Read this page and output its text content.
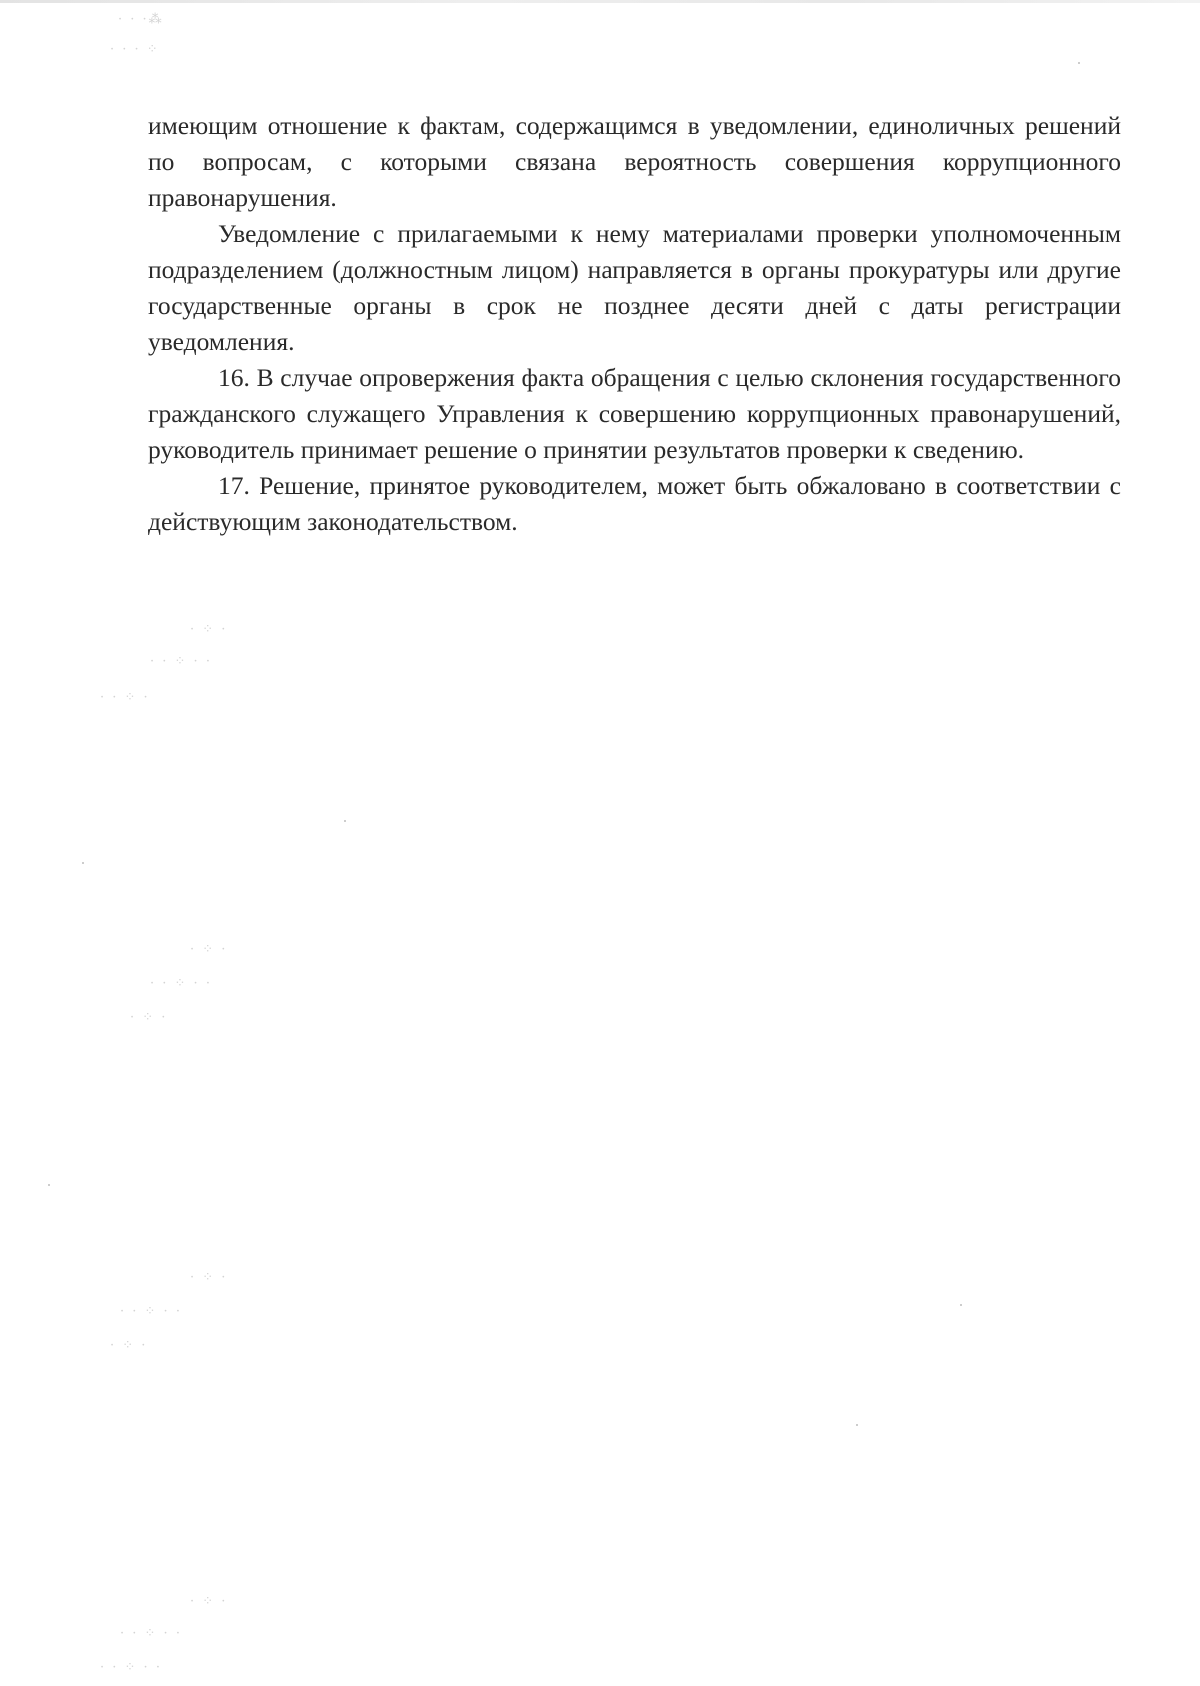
· · ·⁂
· · · ⁘
· ⁘ ·
· · ⁘ · ·
· · ⁘ ·
· ⁘ ·
· · ⁘ · ·
· ⁘ ·
· ⁘ ·
· · ⁘ · ·
· ⁘ ·
· ⁘ ·
· · ⁘ · ·
· · ⁘ · ·

имеющим отношение к фактам, содержащимся в уведомлении, единоличных решений по вопросам, с которыми связана вероятность совершения коррупционного правонарушения.

Уведомление с прилагаемыми к нему материалами проверки уполномоченным подразделением (должностным лицом) направляется в органы прокуратуры или другие государственные органы в срок не позднее десяти дней с даты регистрации уведомления.

16. В случае опровержения факта обращения с целью склонения государственного гражданского служащего Управления к совершению коррупционных правонарушений, руководитель принимает решение о принятии результатов проверки к сведению.

17. Решение, принятое руководителем, может быть обжаловано в соответствии с действующим законодательством.
